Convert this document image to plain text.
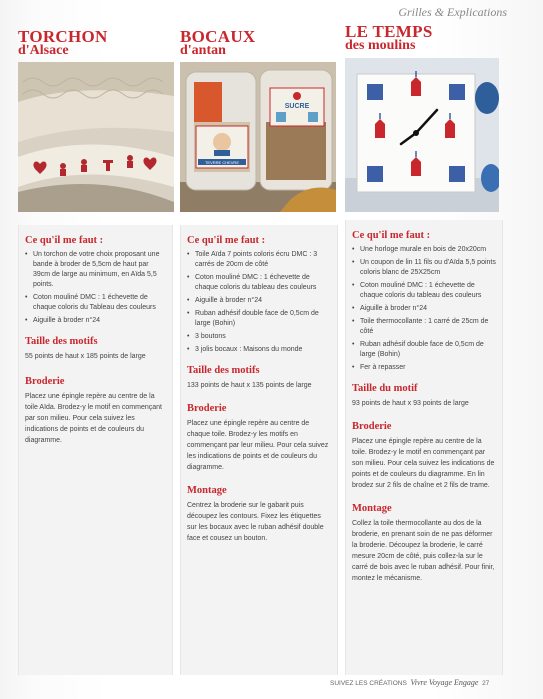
Grilles & Explications
TORCHON
d'Alsace
Ce qu'il me faut :
• Un torchon de votre choix proposant une bande à broder de 5,5cm de haut par 39cm de large au minimum, en Aïda 5,5 points.
• Coton mouliné DMC : 1 échevette de chaque coloris du Tableau des couleurs
• Aiguille à broder n°24
Taille des motifs
55 points de haut x 185 points de large
Broderie
Placez une épingle repère au centre de la toile Aïda. Brodez-y le motif en commençant par son milieu. Pour cela suivez les indications de points et de couleurs du diagramme.
BOCAUX
d'antan
TEVRRE CHEVRE
SUCRE
Ce qu'il me faut :
• Toile Aïda 7 points coloris écru DMC : 3 carrés de 20cm de côté
• Coton mouliné DMC : 1 échevette de chaque coloris du tableau des couleurs
• Aiguille à broder n°24
• Ruban adhésif double face de 0,5cm de large (Bohin)
• 3 boutons
• 3 jolis bocaux : Maisons du monde
Taille des motifs
133 points de haut x 135 points de large
Broderie
Placez une épingle repère au centre de chaque toile. Brodez-y les motifs en commençant par leur milieu. Pour cela suivez les indications de points et de couleurs du diagramme.
Montage
Centrez la broderie sur le gabarit puis découpez les contours. Fixez les étiquettes sur les bocaux avec le ruban adhésif double face et cousez un bouton.
LE TEMPS
des moulins
Ce qu'il me faut :
• Une horloge murale en bois de 20x20cm
• Un coupon de lin 11 fils ou d'Aïda 5,5 points coloris blanc de 25X25cm
• Coton mouliné DMC : 1 échevette de chaque coloris du tableau des couleurs
• Aiguille à broder n°24
• Toile thermocollante : 1 carré de 25cm de côté
• Ruban adhésif double face de 0,5cm de large (Bohin)
• Fer à repasser
Taille du motif
93 points de haut x 93 points de large
Broderie
Placez une épingle repère au centre de la toile. Brodez-y le motif en commençant par son milieu. Pour cela suivez les indications de points et de couleurs du diagramme. En lin brodez sur 2 fils de chaîne et 2 fils de trame.
Montage
Collez la toile thermocollante au dos de la broderie, en prenant soin de ne pas déformer la broderie. Découpez la broderie, le carré mesure 20cm de côté, puis collez-la sur le carré de bois avec le ruban adhésif. Pour finir, montez le mécanisme.
SUIVEZ LES CRÉATIONS Vivre Voyage Engage 27
